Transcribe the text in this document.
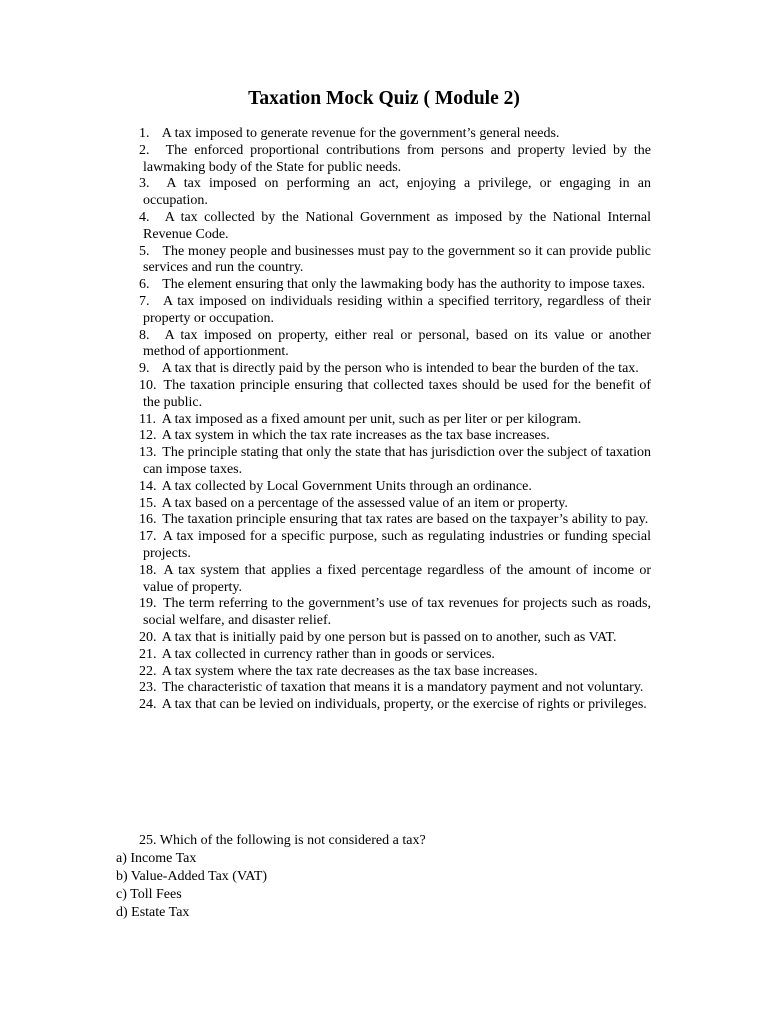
Taxation Mock Quiz ( Module 2)
1. A tax imposed to generate revenue for the government’s general needs.
2. The enforced proportional contributions from persons and property levied by the lawmaking body of the State for public needs.
3. A tax imposed on performing an act, enjoying a privilege, or engaging in an occupation.
4. A tax collected by the National Government as imposed by the National Internal Revenue Code.
5. The money people and businesses must pay to the government so it can provide public services and run the country.
6. The element ensuring that only the lawmaking body has the authority to impose taxes.
7. A tax imposed on individuals residing within a specified territory, regardless of their property or occupation.
8. A tax imposed on property, either real or personal, based on its value or another method of apportionment.
9. A tax that is directly paid by the person who is intended to bear the burden of the tax.
10. The taxation principle ensuring that collected taxes should be used for the benefit of the public.
11. A tax imposed as a fixed amount per unit, such as per liter or per kilogram.
12. A tax system in which the tax rate increases as the tax base increases.
13. The principle stating that only the state that has jurisdiction over the subject of taxation can impose taxes.
14. A tax collected by Local Government Units through an ordinance.
15. A tax based on a percentage of the assessed value of an item or property.
16. The taxation principle ensuring that tax rates are based on the taxpayer’s ability to pay.
17. A tax imposed for a specific purpose, such as regulating industries or funding special projects.
18. A tax system that applies a fixed percentage regardless of the amount of income or value of property.
19. The term referring to the government’s use of tax revenues for projects such as roads, social welfare, and disaster relief.
20. A tax that is initially paid by one person but is passed on to another, such as VAT.
21. A tax collected in currency rather than in goods or services.
22. A tax system where the tax rate decreases as the tax base increases.
23. The characteristic of taxation that means it is a mandatory payment and not voluntary.
24. A tax that can be levied on individuals, property, or the exercise of rights or privileges.

25. Which of the following is not considered a tax?

a) Income Tax
b) Value-Added Tax (VAT)
c) Toll Fees
d) Estate Tax
